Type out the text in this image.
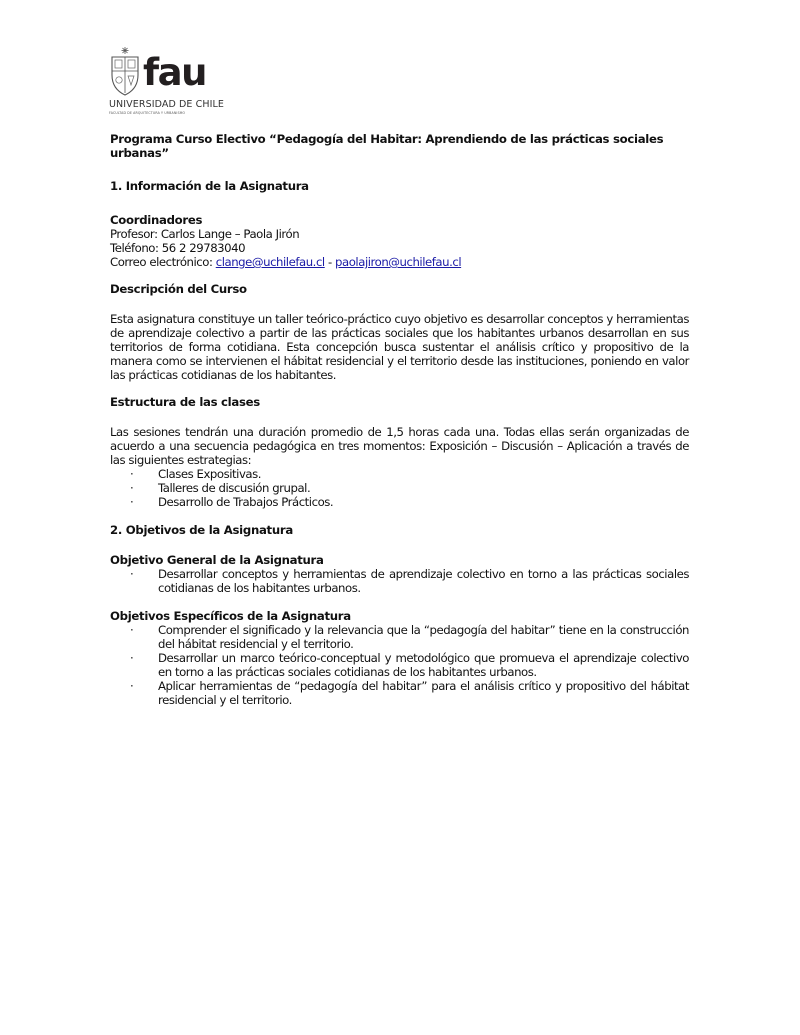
fau
UNIVERSIDAD DE CHILE
FACULTAD DE ARQUITECTURA Y URBANISMO

Programa Curso Electivo “Pedagogía del Habitar: Aprendiendo de las prácticas sociales urbanas”

1. Información de la Asignatura

Coordinadores

Profesor: Carlos Lange – Paola Jirón

Teléfono: 56 2 29783040

Correo electrónico: clange@uchilefau.cl - paolajiron@uchilefau.cl

Descripción del Curso

Esta asignatura constituye un taller teórico-práctico cuyo objetivo es desarrollar conceptos y herramientas de aprendizaje colectivo a partir de las prácticas sociales que los habitantes urbanos desarrollan en sus territorios de forma cotidiana. Esta concepción busca sustentar el análisis crítico y propositivo de la manera como se intervienen el hábitat residencial y el territorio desde las instituciones, poniendo en valor las prácticas cotidianas de los habitantes.

Estructura de las clases

Las sesiones tendrán una duración promedio de 1,5 horas cada una. Todas ellas serán organizadas de acuerdo a una secuencia pedagógica en tres momentos: Exposición – Discusión – Aplicación a través de las siguientes estrategias:

·	Clases Expositivas.
·	Talleres de discusión grupal.
·	Desarrollo de Trabajos Prácticos.

2. Objetivos de la Asignatura

Objetivo General de la Asignatura

·	Desarrollar conceptos y herramientas de aprendizaje colectivo en torno a las prácticas sociales cotidianas de los habitantes urbanos.

Objetivos Específicos de la Asignatura

·	Comprender el significado y la relevancia que la “pedagogía del habitar” tiene en la construcción del hábitat residencial y el territorio.
·	Desarrollar un marco teórico-conceptual y metodológico que promueva el aprendizaje colectivo en torno a las prácticas sociales cotidianas de los habitantes urbanos.
·	Aplicar herramientas de “pedagogía del habitar” para el análisis crítico y propositivo del hábitat residencial y el territorio.
